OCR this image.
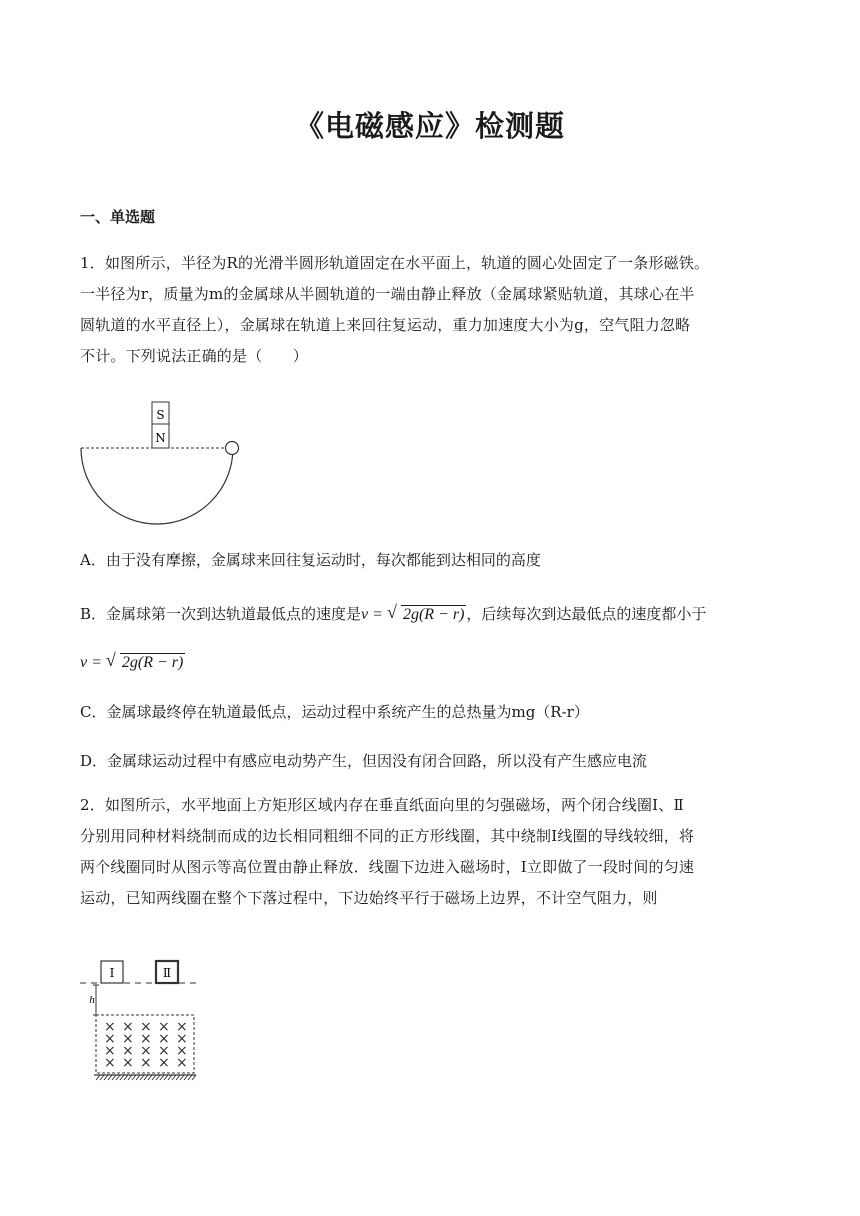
《电磁感应》检测题
一、单选题
1．如图所示，半径为R的光滑半圆形轨道固定在水平面上，轨道的圆心处固定了一条形磁铁。
一半径为r，质量为m的金属球从半圆轨道的一端由静止释放（金属球紧贴轨道，其球心在半
圆轨道的水平直径上），金属球在轨道上来回往复运动，重力加速度大小为g，空气阻力忽略
不计。下列说法正确的是（　　）
S
N
A．由于没有摩擦，金属球来回往复运动时，每次都能到达相同的高度
B．金属球第一次到达轨道最低点的速度是v = √ 2g(R − r) ，后续每次到达最低点的速度都小于
v = √ 2g(R − r)
C．金属球最终停在轨道最低点，运动过程中系统产生的总热量为mg（R-r）
D．金属球运动过程中有感应电动势产生，但因没有闭合回路，所以没有产生感应电流
2．如图所示，水平地面上方矩形区域内存在垂直纸面向里的匀强磁场，两个闭合线圈Ⅰ、Ⅱ
分别用同种材料绕制而成的边长相同粗细不同的正方形线圈，其中绕制Ⅰ线圈的导线较细，将
两个线圈同时从图示等高位置由静止释放．线圈下边进入磁场时，Ⅰ立即做了一段时间的匀速
运动，已知两线圈在整个下落过程中，下边始终平行于磁场上边界，不计空气阻力，则
Ⅰ	Ⅱ
h
× × × × ×
× × × × ×
× × × × ×
× × × × ×
